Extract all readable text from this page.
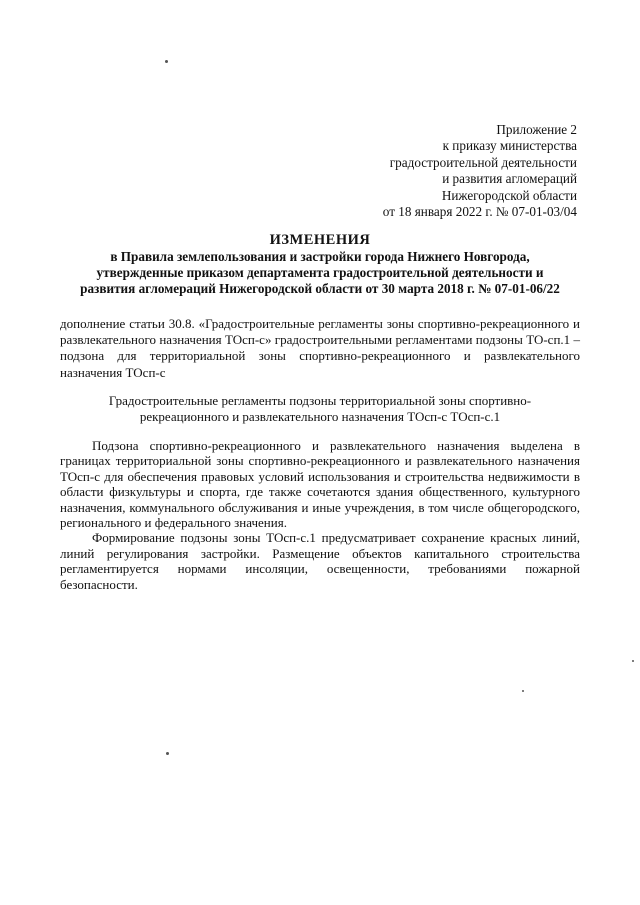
Приложение 2
к приказу министерства
градостроительной деятельности
и развития агломераций
Нижегородской области
от 18 января 2022 г. № 07-01-03/04
ИЗМЕНЕНИЯ
в Правила землепользования и застройки города Нижнего Новгорода,
утвержденные приказом департамента градостроительной деятельности и
развития агломераций Нижегородской области от 30 марта 2018 г. № 07-01-06/22
дополнение статьи 30.8. «Градостроительные регламенты зоны спортивно-рекреационного и развлекательного назначения ТОсп-с» градостроительными регламентами подзоны ТО-сп.1 – подзона для территориальной зоны спортивно-рекреационного и развлекательного назначения ТОсп-с
Градостроительные регламенты подзоны территориальной зоны спортивно-
рекреационного и развлекательного назначения ТОсп-с ТОсп-с.1

Подзона спортивно-рекреационного и развлекательного назначения выделена в границах территориальной зоны спортивно-рекреационного и развлекательного назначения ТОсп-с для обеспечения правовых условий использования и строительства недвижимости в области физкультуры и спорта, где также сочетаются здания общественного, культурного назначения, коммунального обслуживания и иные учреждения, в том числе общегородского, регионального и федерального значения.

Формирование подзоны зоны ТОсп-с.1 предусматривает сохранение красных линий, линий регулирования застройки. Размещение объектов капитального строительства регламентируется нормами инсоляции, освещенности, требованиями пожарной безопасности.
